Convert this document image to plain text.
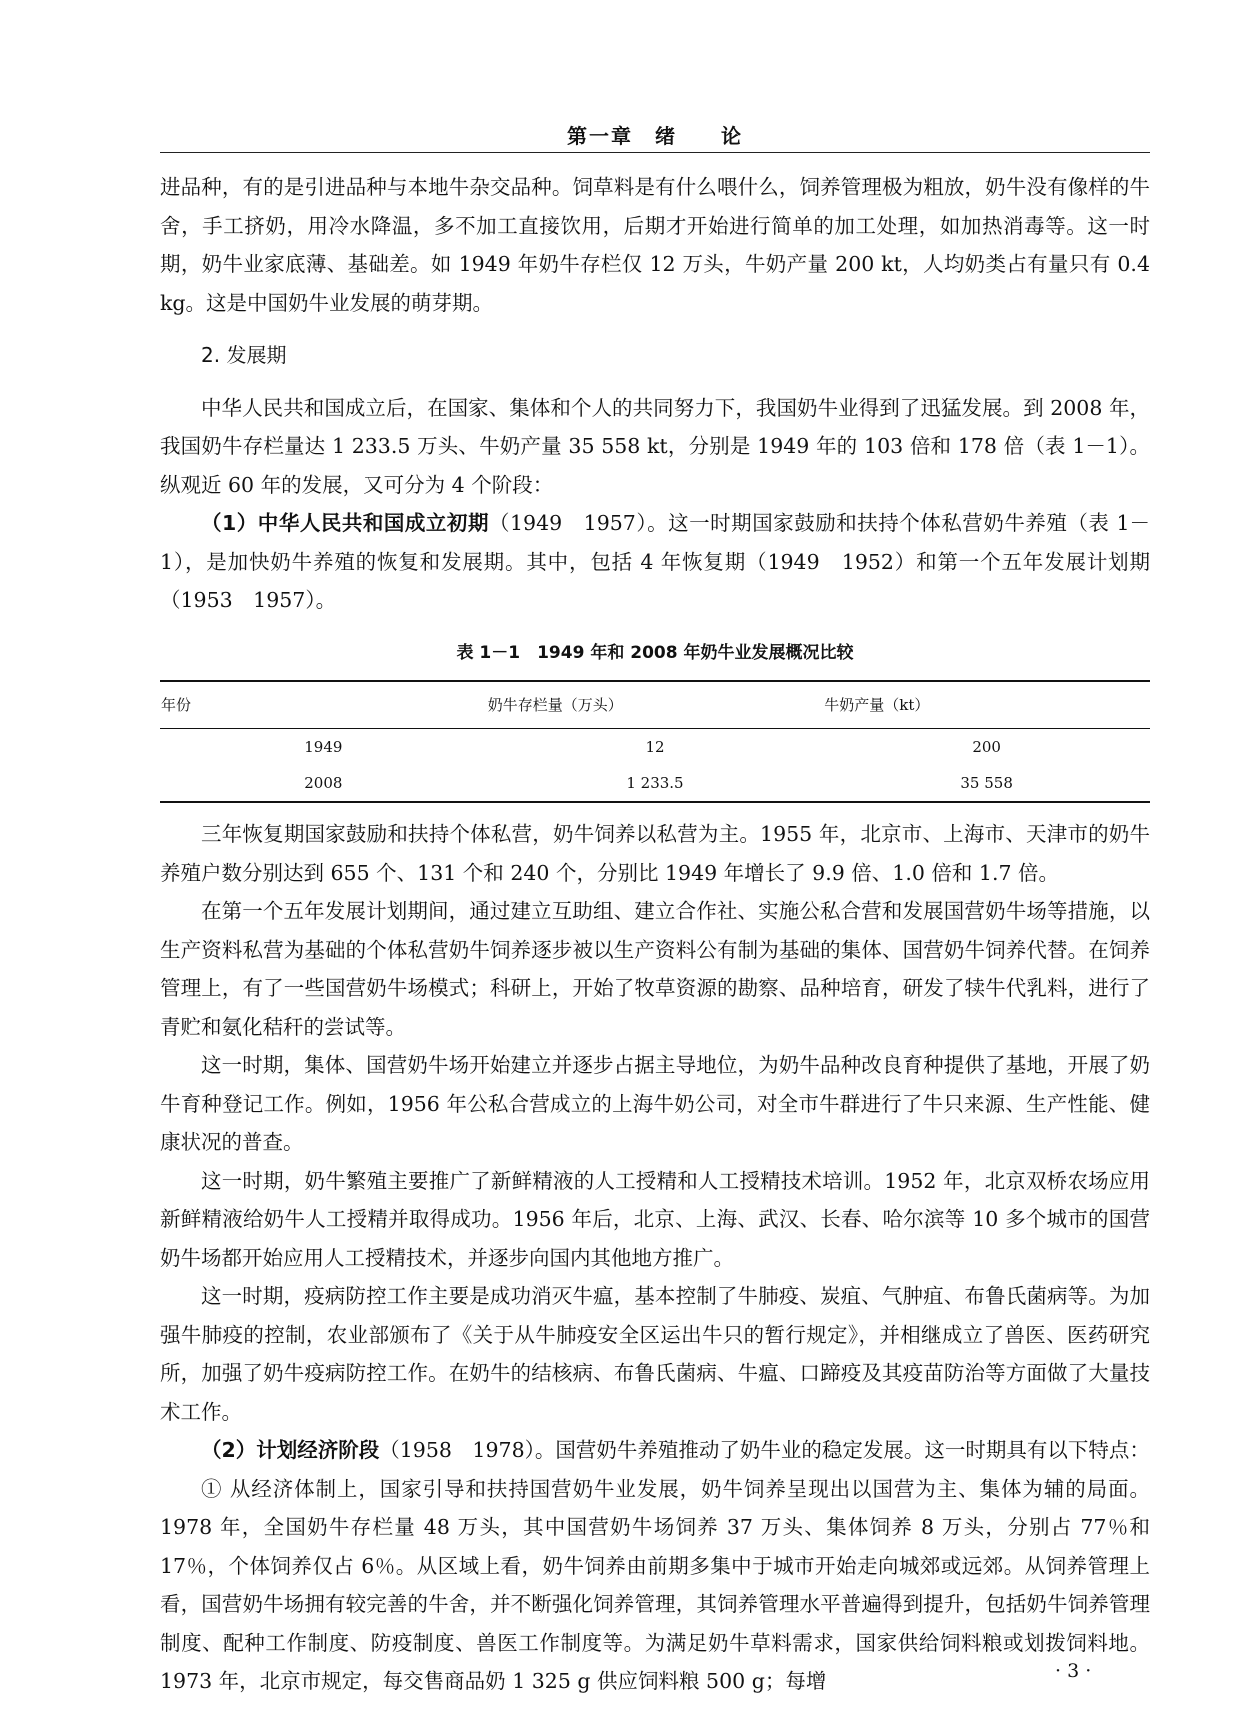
第一章　绪　　论

进品种，有的是引进品种与本地牛杂交品种。饲草料是有什么喂什么，饲养管理极为粗放，奶牛没有像样的牛舍，手工挤奶，用冷水降温，多不加工直接饮用，后期才开始进行简单的加工处理，如加热消毒等。这一时期，奶牛业家底薄、基础差。如 1949 年奶牛存栏仅 12 万头，牛奶产量 200 kt，人均奶类占有量只有 0.4 kg。这是中国奶牛业发展的萌芽期。

2. 发展期

中华人民共和国成立后，在国家、集体和个人的共同努力下，我国奶牛业得到了迅猛发展。到 2008 年，我国奶牛存栏量达 1 233.5 万头、牛奶产量 35 558 kt，分别是 1949 年的 103 倍和 178 倍（表 1－1）。纵观近 60 年的发展，又可分为 4 个阶段：

（1）中华人民共和国成立初期（1949　1957）。这一时期国家鼓励和扶持个体私营奶牛养殖（表 1－1），是加快奶牛养殖的恢复和发展期。其中，包括 4 年恢复期（1949　1952）和第一个五年发展计划期（1953　1957）。

表 1－1　1949 年和 2008 年奶牛业发展概况比较

年份	奶牛存栏量（万头）	牛奶产量（kt）
1949	12	200
2008	1 233.5	35 558

三年恢复期国家鼓励和扶持个体私营，奶牛饲养以私营为主。1955 年，北京市、上海市、天津市的奶牛养殖户数分别达到 655 个、131 个和 240 个，分别比 1949 年增长了 9.9 倍、1.0 倍和 1.7 倍。

在第一个五年发展计划期间，通过建立互助组、建立合作社、实施公私合营和发展国营奶牛场等措施，以生产资料私营为基础的个体私营奶牛饲养逐步被以生产资料公有制为基础的集体、国营奶牛饲养代替。在饲养管理上，有了一些国营奶牛场模式；科研上，开始了牧草资源的勘察、品种培育，研发了犊牛代乳料，进行了青贮和氨化秸秆的尝试等。

这一时期，集体、国营奶牛场开始建立并逐步占据主导地位，为奶牛品种改良育种提供了基地，开展了奶牛育种登记工作。例如，1956 年公私合营成立的上海牛奶公司，对全市牛群进行了牛只来源、生产性能、健康状况的普查。

这一时期，奶牛繁殖主要推广了新鲜精液的人工授精和人工授精技术培训。1952 年，北京双桥农场应用新鲜精液给奶牛人工授精并取得成功。1956 年后，北京、上海、武汉、长春、哈尔滨等 10 多个城市的国营奶牛场都开始应用人工授精技术，并逐步向国内其他地方推广。

这一时期，疫病防控工作主要是成功消灭牛瘟，基本控制了牛肺疫、炭疽、气肿疽、布鲁氏菌病等。为加强牛肺疫的控制，农业部颁布了《关于从牛肺疫安全区运出牛只的暂行规定》，并相继成立了兽医、医药研究所，加强了奶牛疫病防控工作。在奶牛的结核病、布鲁氏菌病、牛瘟、口蹄疫及其疫苗防治等方面做了大量技术工作。

（2）计划经济阶段（1958　1978）。国营奶牛养殖推动了奶牛业的稳定发展。这一时期具有以下特点：

① 从经济体制上，国家引导和扶持国营奶牛业发展，奶牛饲养呈现出以国营为主、集体为辅的局面。1978 年，全国奶牛存栏量 48 万头，其中国营奶牛场饲养 37 万头、集体饲养 8 万头，分别占 77％和 17％，个体饲养仅占 6％。从区域上看，奶牛饲养由前期多集中于城市开始走向城郊或远郊。从饲养管理上看，国营奶牛场拥有较完善的牛舍，并不断强化饲养管理，其饲养管理水平普遍得到提升，包括奶牛饲养管理制度、配种工作制度、防疫制度、兽医工作制度等。为满足奶牛草料需求，国家供给饲料粮或划拨饲料地。1973 年，北京市规定，每交售商品奶 1 325 g 供应饲料粮 500 g；每增	· 3 ·
